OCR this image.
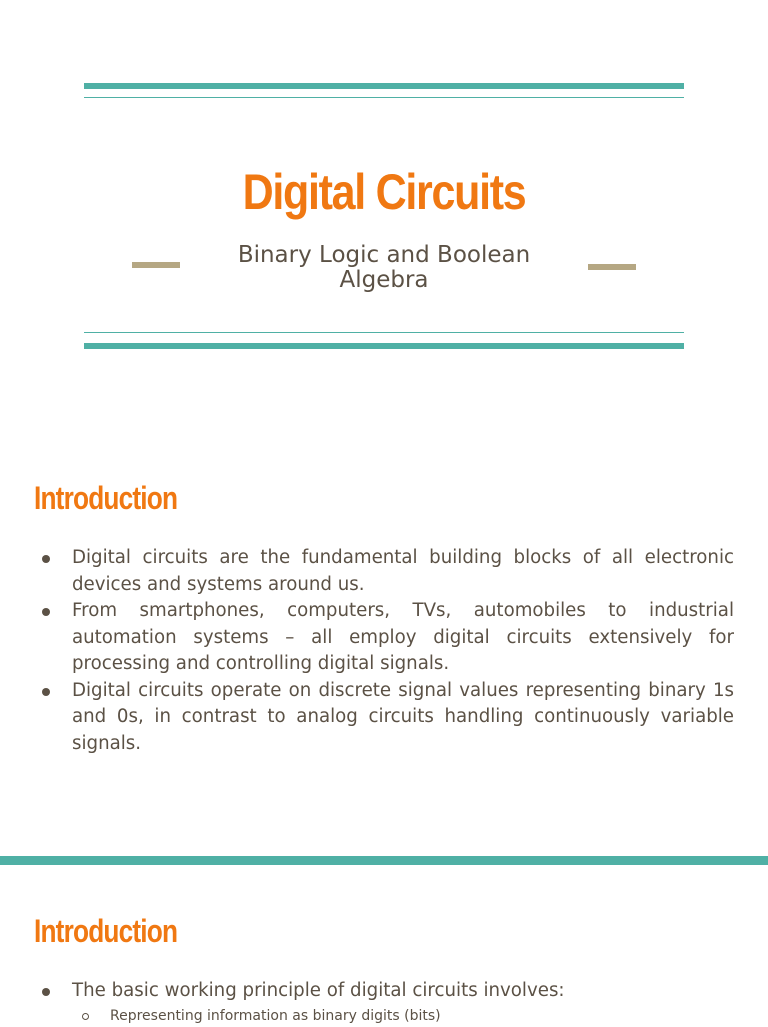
Digital Circuits

Binary Logic and Boolean Algebra

Introduction
Digital circuits are the fundamental building blocks of all electronic devices and systems around us.
From smartphones, computers, TVs, automobiles to industrial automation systems – all employ digital circuits extensively for processing and controlling digital signals.
Digital circuits operate on discrete signal values representing binary 1s and 0s, in contrast to analog circuits handling continuously variable signals.
Introduction
The basic working principle of digital circuits involves:
Representing information as binary digits (bits)
